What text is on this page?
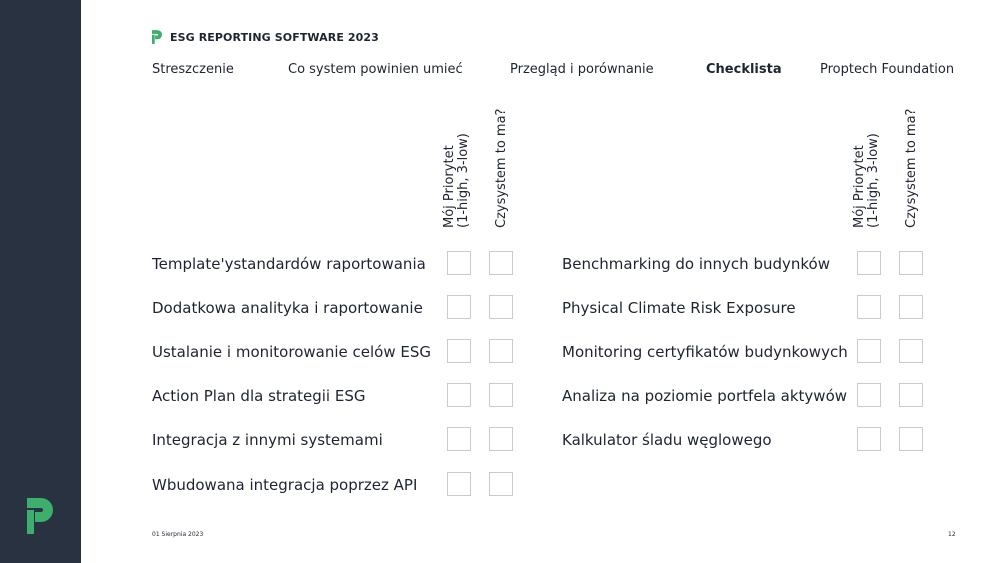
ESG REPORTING SOFTWARE 2023
Streszczenie	Co system powinien umieć	Przegląd i porównanie	Checklista	Proptech Foundation
Mój Priorytet (1-high, 3-low) Czysystem to ma?	Mój Priorytet (1-high, 3-low) Czysystem to ma?
Template'ystandardów raportowania
Dodatkowa analityka i raportowanie
Ustalanie i monitorowanie celów ESG
Action Plan dla strategii ESG
Integracja z innymi systemami
Wbudowana integracja poprzez API
Benchmarking do innych budynków
Physical Climate Risk Exposure
Monitoring certyfikatów budynkowych
Analiza na poziomie portfela aktywów
Kalkulator śladu węglowego
01 Sierpnia 2023	12
